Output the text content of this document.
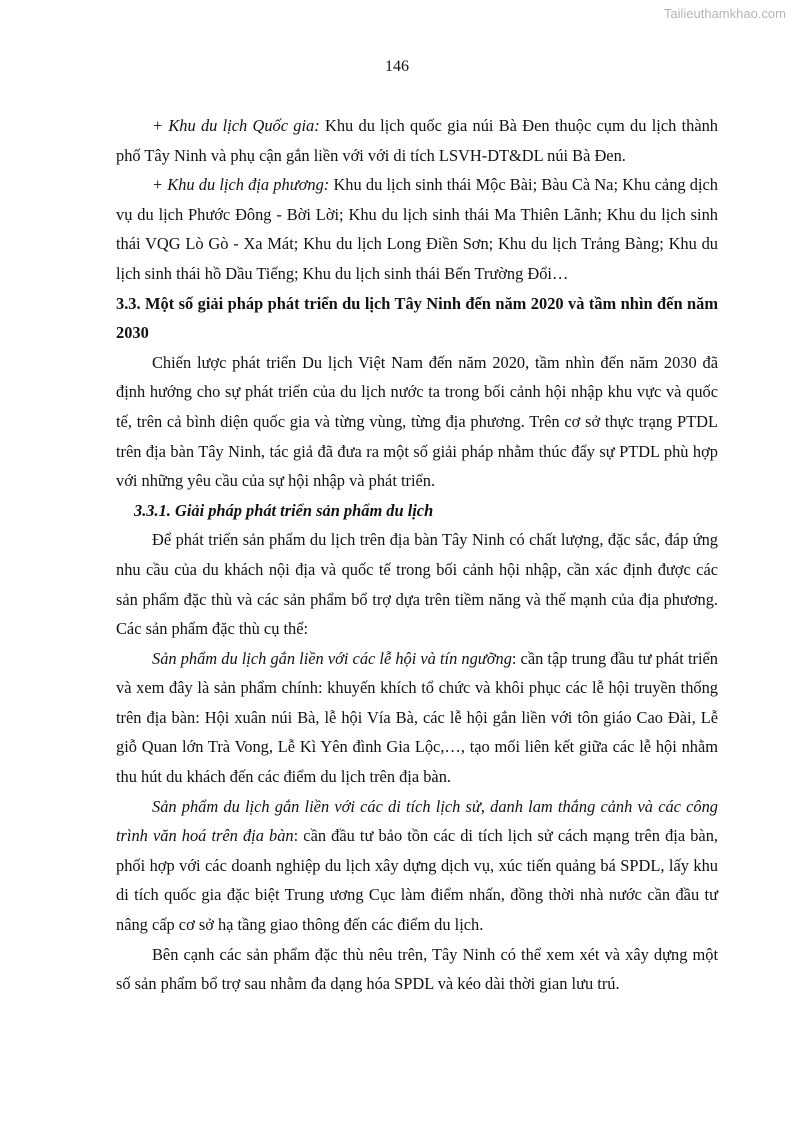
Tailieuthamkhao.com
146

+ Khu du lịch Quốc gia: Khu du lịch quốc gia núi Bà Đen thuộc cụm du lịch thành phố Tây Ninh và phụ cận gắn liền với với di tích LSVH-DT&DL núi Bà Đen.

+ Khu du lịch địa phương: Khu du lịch sinh thái Mộc Bài; Bàu Cà Na; Khu cảng dịch vụ du lịch Phước Đông - Bời Lời; Khu du lịch sinh thái Ma Thiên Lãnh; Khu du lịch sinh thái VQG Lò Gò - Xa Mát; Khu du lịch Long Điền Sơn; Khu du lịch Trảng Bàng; Khu du lịch sinh thái hồ Dầu Tiếng; Khu du lịch sinh thái Bến Trường Đổi…

3.3. Một số giải pháp phát triển du lịch Tây Ninh đến năm 2020 và tầm nhìn đến năm 2030

Chiến lược phát triển Du lịch Việt Nam đến năm 2020, tầm nhìn đến năm 2030 đã định hướng cho sự phát triển của du lịch nước ta trong bối cảnh hội nhập khu vực và quốc tế, trên cả bình diện quốc gia và từng vùng, từng địa phương. Trên cơ sở thực trạng PTDL trên địa bàn Tây Ninh, tác giả đã đưa ra một số giải pháp nhằm thúc đẩy sự PTDL phù hợp với những yêu cầu của sự hội nhập và phát triển.

3.3.1. Giải pháp phát triển sản phẩm du lịch

Để phát triển sản phẩm du lịch trên địa bàn Tây Ninh có chất lượng, đặc sắc, đáp ứng nhu cầu của du khách nội địa và quốc tế trong bối cảnh hội nhập, cần xác định được các sản phẩm đặc thù và các sản phẩm bổ trợ dựa trên tiềm năng và thế mạnh của địa phương. Các sản phẩm đặc thù cụ thể:

Sản phẩm du lịch gắn liền với các lễ hội và tín ngưỡng: cần tập trung đầu tư phát triển và xem đây là sản phẩm chính: khuyến khích tổ chức và khôi phục các lễ hội truyền thống trên địa bàn: Hội xuân núi Bà, lễ hội Vía Bà, các lễ hội gắn liền với tôn giáo Cao Đài, Lễ giỗ Quan lớn Trà Vong, Lễ Kì Yên đình Gia Lộc,…, tạo mối liên kết giữa các lễ hội nhằm thu hút du khách đến các điểm du lịch trên địa bàn.

Sản phẩm du lịch gắn liền với các di tích lịch sử, danh lam thắng cảnh và các công trình văn hoá trên địa bàn: cần đầu tư bảo tồn các di tích lịch sử cách mạng trên địa bàn, phối hợp với các doanh nghiệp du lịch xây dựng dịch vụ, xúc tiến quảng bá SPDL, lấy khu di tích quốc gia đặc biệt Trung ương Cục làm điểm nhấn, đồng thời nhà nước cần đầu tư nâng cấp cơ sở hạ tầng giao thông đến các điểm du lịch.

Bên cạnh các sản phẩm đặc thù nêu trên, Tây Ninh có thể xem xét và xây dựng một số sản phẩm bổ trợ sau nhằm đa dạng hóa SPDL và kéo dài thời gian lưu trú.
